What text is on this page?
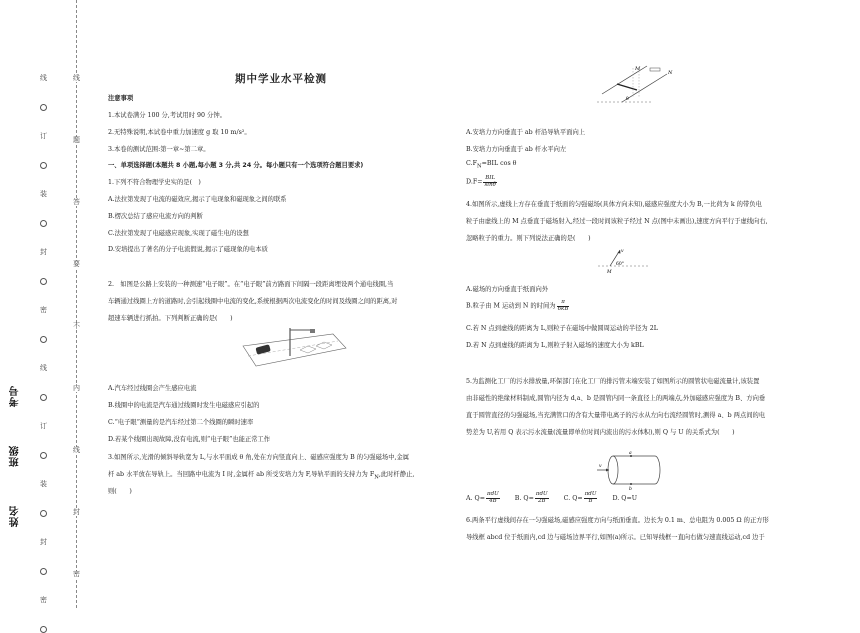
线
订
装
封
密
线
订
装
封
密
线
题
答
要
不
内
线
封
密
考号
班级
姓名
期中学业水平检测

注意事项

1.本试卷满分 100 分,考试用时 90 分钟。

2.无特殊说明,本试卷中重力加速度 g 取 10 m/s²。

3.本卷的测试范围:第一章~第二章。

一、单项选择题(本题共 8 小题,每小题 3 分,共 24 分。每小题只有一个选项符合题目要求)

1.下列不符合物理学史实的是(　)

A.法拉第发现了电流的磁效应,揭示了电现象和磁现象之间的联系

B.楞次总结了感应电流方向的判断

C.法拉第发现了电磁感应现象,实现了磁生电的设想

D.安培提出了著名的分子电流假说,揭示了磁现象的电本质

2.　如图是公路上安装的一种测速“电子眼”。在“电子眼”前方路面下间隔一段距离埋设两个通电线圈,当

车辆通过线圈上方的道路时,会引起线圈中电流的变化,系统根据两次电流变化的时间及线圈之间的距离,对

超速车辆进行抓拍。下列判断正确的是(　　)

A.汽车经过线圈会产生感应电流

B.线圈中的电流是汽车通过线圈时发生电磁感应引起的

C.“电子眼”测量的是汽车经过第二个线圈的瞬时速率

D.若某个线圈出现故障,没有电流,则“电子眼”也能正常工作

3.如图所示,光滑的倾斜导轨宽为 L,与水平面成 θ 角,处在方向竖直向上、磁感应强度为 B 的匀强磁场中,金属

杆 ab 水平放在导轨上。当回路中电流为 I 时,金属杆 ab 所受安培力为 F,导轨平面的支持力为 $F_N$,此时杆静止,

则(　　)

M
θ
N

A.安培力方向垂直于 ab 杆沿导轨平面向上

B.安培力方向垂直于 ab 杆水平向左

$C.F_N=BIL$ cos θ

$D.F= \frac{\text{BIL}}{\sin\theta}$

4.如图所示,虚线上方存在垂直于纸面的匀强磁场(具体方向未知),磁感应强度大小为 B,一比荷为 k 的带负电

粒子由虚线上的 M 点垂直于磁场射入,经过一段时间该粒子经过 N 点(图中未画出),速度方向平行于虚线向右,

忽略粒子的重力。则下列说法正确的是(　　)

v
60°
M

A.磁场的方向垂直于纸面向外

B.粒子由 M 运动到 N 的时间为 $\frac{\pi}{6kB}$

C.若 N 点到虚线的距离为 L,则粒子在磁场中做圆周运动的半径为 2L

D.若 N 点到虚线的距离为 L,则粒子射入磁场的速度大小为 kBL

5.为监测化工厂的污水排放量,环保部门在化工厂的排污管末端安装了如图所示的圆管状电磁流量计,该装置

由非磁性的绝缘材料制成,圆管内径为 d,a、b 是圆管内同一条直径上的两端点,外加磁感应强度为 B、方向垂

直于圆管直径的匀强磁场,当充满管口的含有大量带电离子的污水从左向右流经圆管时,测得 a、b 两点间的电

势差为 U,若用 Q 表示污水流量(流量即单位时间内流出的污水体积),则 Q 与 U 的关系式为(　　)

a
v
b
A. $Q= \frac{\text{πdU}}{4B} B$. $Q= \frac{\text{πdU}}{2B} C$. $Q= \frac{\text{πdU}}{B} D$. Q=U

6.两条平行虚线间存在一匀强磁场,磁感应强度方向与纸面垂直。边长为 0.1 m、总电阻为 0.005 Ω 的正方形

导线框 abcd 位于纸面内,cd 边与磁场边界平行,如图(a)所示。已知导线框一直向右做匀速直线运动,cd 边于
